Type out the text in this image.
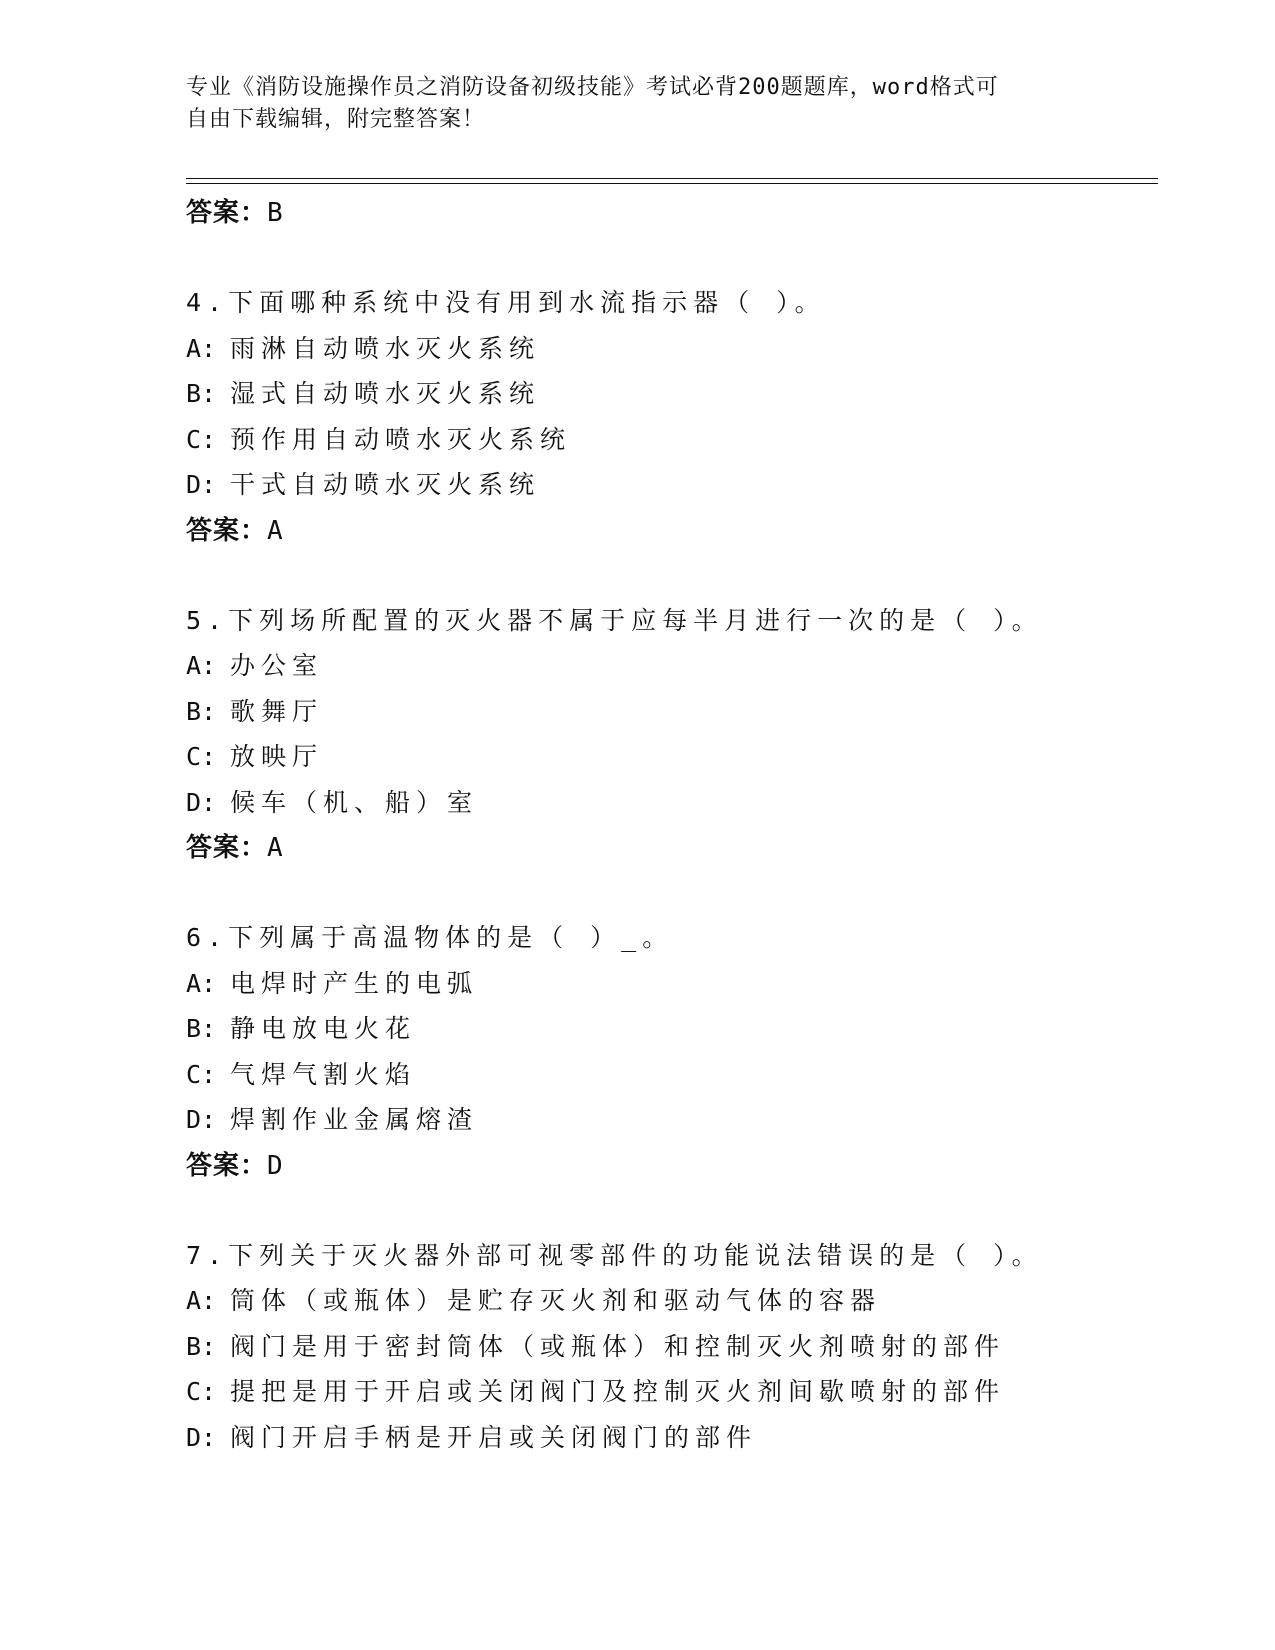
专业《消防设施操作员之消防设备初级技能》考试必背200题题库，word格式可
自由下载编辑，附完整答案！
答案：B
4.下面哪种系统中没有用到水流指示器（ ）。
A: 雨淋自动喷水灭火系统
B: 湿式自动喷水灭火系统
C: 预作用自动喷水灭火系统
D: 干式自动喷水灭火系统
答案：A
5.下列场所配置的灭火器不属于应每半月进行一次的是（ ）。
A: 办公室
B: 歌舞厅
C: 放映厅
D: 候车（机、船）室
答案：A
6.下列属于高温物体的是（ ）_。
A: 电焊时产生的电弧
B: 静电放电火花
C: 气焊气割火焰
D: 焊割作业金属熔渣
答案：D
7.下列关于灭火器外部可视零部件的功能说法错误的是（ ）。
A: 筒体（或瓶体）是贮存灭火剂和驱动气体的容器
B: 阀门是用于密封筒体（或瓶体）和控制灭火剂喷射的部件
C: 提把是用于开启或关闭阀门及控制灭火剂间歇喷射的部件
D: 阀门开启手柄是开启或关闭阀门的部件
